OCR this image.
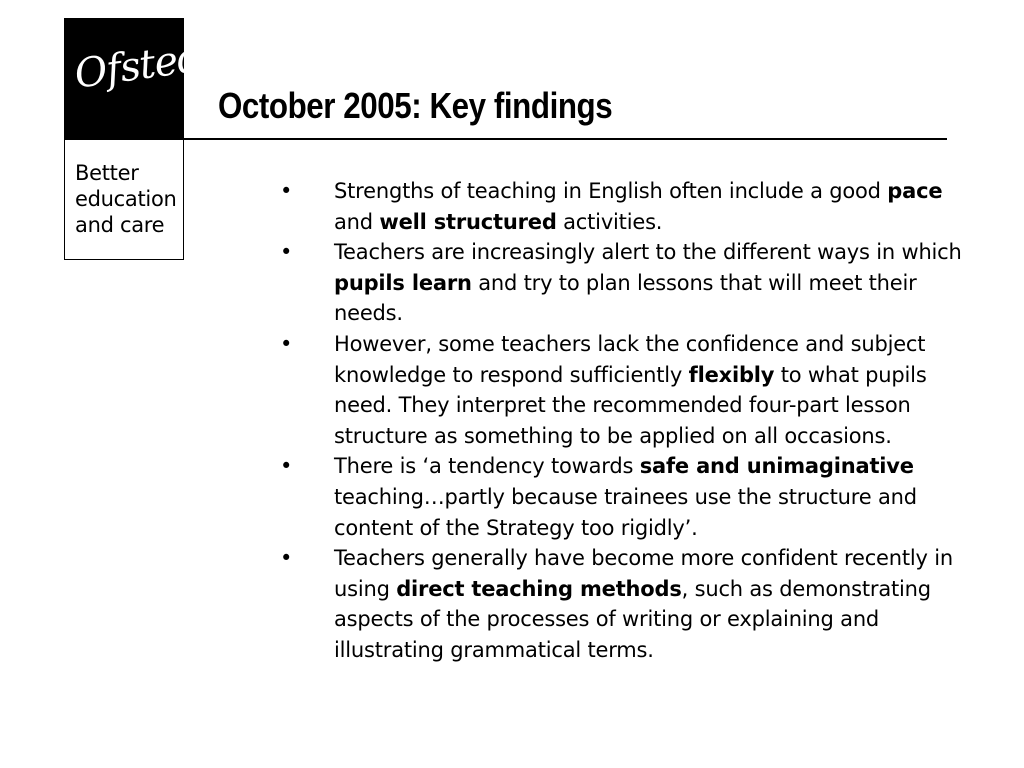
Ofsted
Better
education
and care
October 2005: Key findings
•	Strengths of teaching in English often include a good pace and well structured activities.
•	Teachers are increasingly alert to the different ways in which pupils learn and try to plan lessons that will meet their needs.
•	However, some teachers lack the confidence and subject knowledge to respond sufficiently flexibly to what pupils need. They interpret the recommended four-part lesson structure as something to be applied on all occasions.
•	There is ‘a tendency towards safe and unimaginative teaching…partly because trainees use the structure and content of the Strategy too rigidly’.
•	Teachers generally have become more confident recently in using direct teaching methods, such as demonstrating aspects of the processes of writing or explaining and illustrating grammatical terms.
